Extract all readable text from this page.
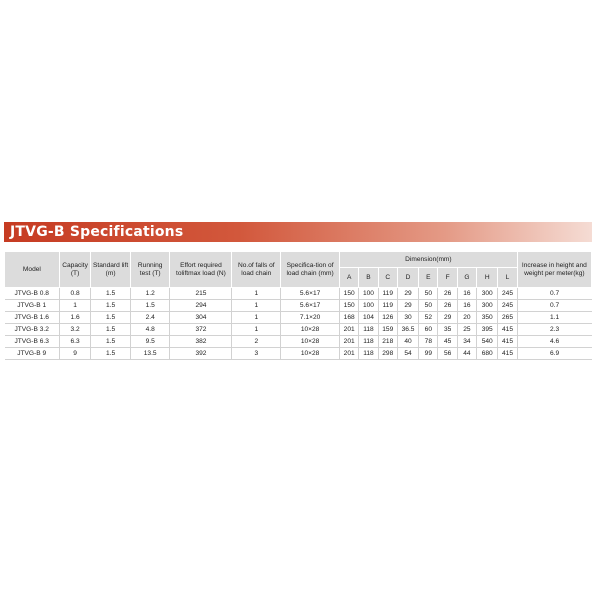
JTVG-B Specifications
Model	Capacity (T)	Standard lift (m)	Running test (T)	Effort required toliftmax load (N)	No.of falls of load chain	Specifica-tion of load chain (mm)	Dimension(mm)									Increase in height and weight per meter(kg)
							A	B	C	D	E	F	G	H	L	
JTVG-B 0.8	0.8	1.5	1.2	215	1	5.6×17	150	100	119	29	50	26	16	300	245	0.7
JTVG-B 1	1	1.5	1.5	294	1	5.6×17	150	100	119	29	50	26	16	300	245	0.7
JTVG-B 1.6	1.6	1.5	2.4	304	1	7.1×20	168	104	126	30	52	29	20	350	265	1.1
JTVG-B 3.2	3.2	1.5	4.8	372	1	10×28	201	118	159	36.5	60	35	25	395	415	2.3
JTVG-B 6.3	6.3	1.5	9.5	382	2	10×28	201	118	218	40	78	45	34	540	415	4.6
JTVG-B 9	9	1.5	13.5	392	3	10×28	201	118	298	54	99	56	44	680	415	6.9
